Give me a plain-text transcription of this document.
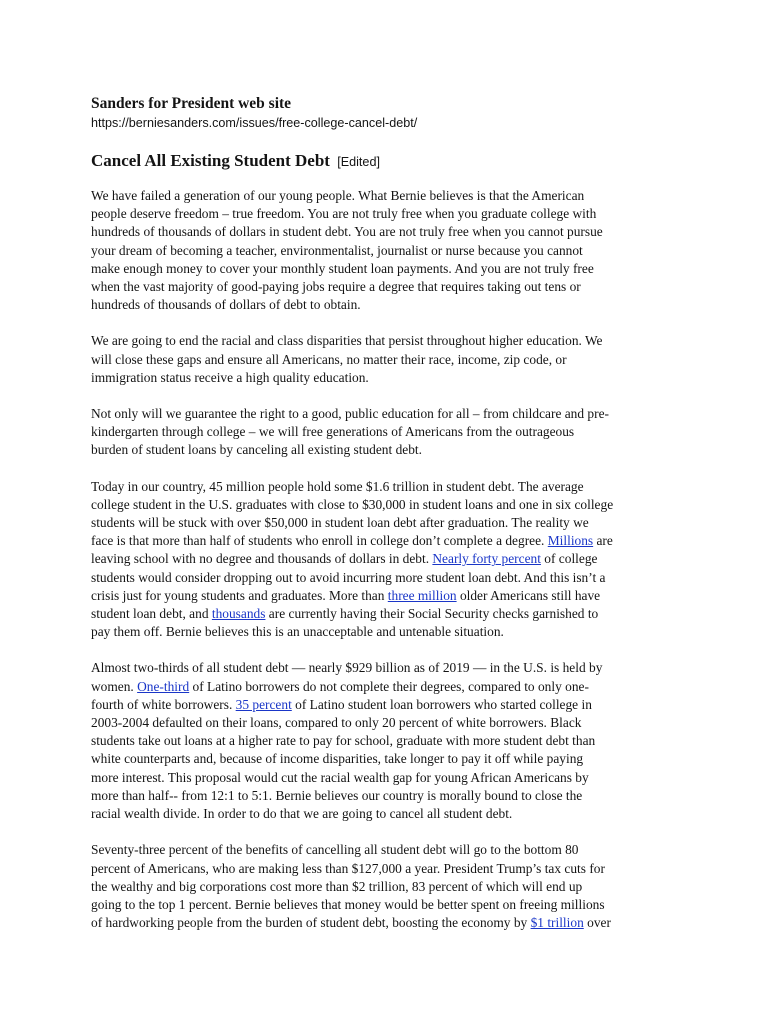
Sanders for President web site

https://berniesanders.com/issues/free-college-cancel-debt/

Cancel All Existing Student Debt [Edited]

We have failed a generation of our young people. What Bernie believes is that the American
people deserve freedom – true freedom. You are not truly free when you graduate college with
hundreds of thousands of dollars in student debt. You are not truly free when you cannot pursue
your dream of becoming a teacher, environmentalist, journalist or nurse because you cannot
make enough money to cover your monthly student loan payments. And you are not truly free
when the vast majority of good-paying jobs require a degree that requires taking out tens or
hundreds of thousands of dollars of debt to obtain.
We are going to end the racial and class disparities that persist throughout higher education. We
will close these gaps and ensure all Americans, no matter their race, income, zip code, or
immigration status receive a high quality education.
Not only will we guarantee the right to a good, public education for all – from childcare and pre-
kindergarten through college – we will free generations of Americans from the outrageous
burden of student loans by canceling all existing student debt.
Today in our country, 45 million people hold some $1.6 trillion in student debt. The average
college student in the U.S. graduates with close to $30,000 in student loans and one in six college
students will be stuck with over $50,000 in student loan debt after graduation. The reality we
face is that more than half of students who enroll in college don’t complete a degree. Millions are
leaving school with no degree and thousands of dollars in debt. Nearly forty percent of college
students would consider dropping out to avoid incurring more student loan debt. And this isn’t a
crisis just for young students and graduates. More than three million older Americans still have
student loan debt, and thousands are currently having their Social Security checks garnished to
pay them off. Bernie believes this is an unacceptable and untenable situation.
Almost two-thirds of all student debt — nearly $929 billion as of 2019 — in the U.S. is held by
women. One-third of Latino borrowers do not complete their degrees, compared to only one-
fourth of white borrowers. 35 percent of Latino student loan borrowers who started college in
2003-2004 defaulted on their loans, compared to only 20 percent of white borrowers. Black
students take out loans at a higher rate to pay for school, graduate with more student debt than
white counterparts and, because of income disparities, take longer to pay it off while paying
more interest. This proposal would cut the racial wealth gap for young African Americans by
more than half-- from 12:1 to 5:1. Bernie believes our country is morally bound to close the
racial wealth divide. In order to do that we are going to cancel all student debt.
Seventy-three percent of the benefits of cancelling all student debt will go to the bottom 80
percent of Americans, who are making less than $127,000 a year. President Trump’s tax cuts for
the wealthy and big corporations cost more than $2 trillion, 83 percent of which will end up
going to the top 1 percent. Bernie believes that money would be better spent on freeing millions
of hardworking people from the burden of student debt, boosting the economy by $1 trillion over
